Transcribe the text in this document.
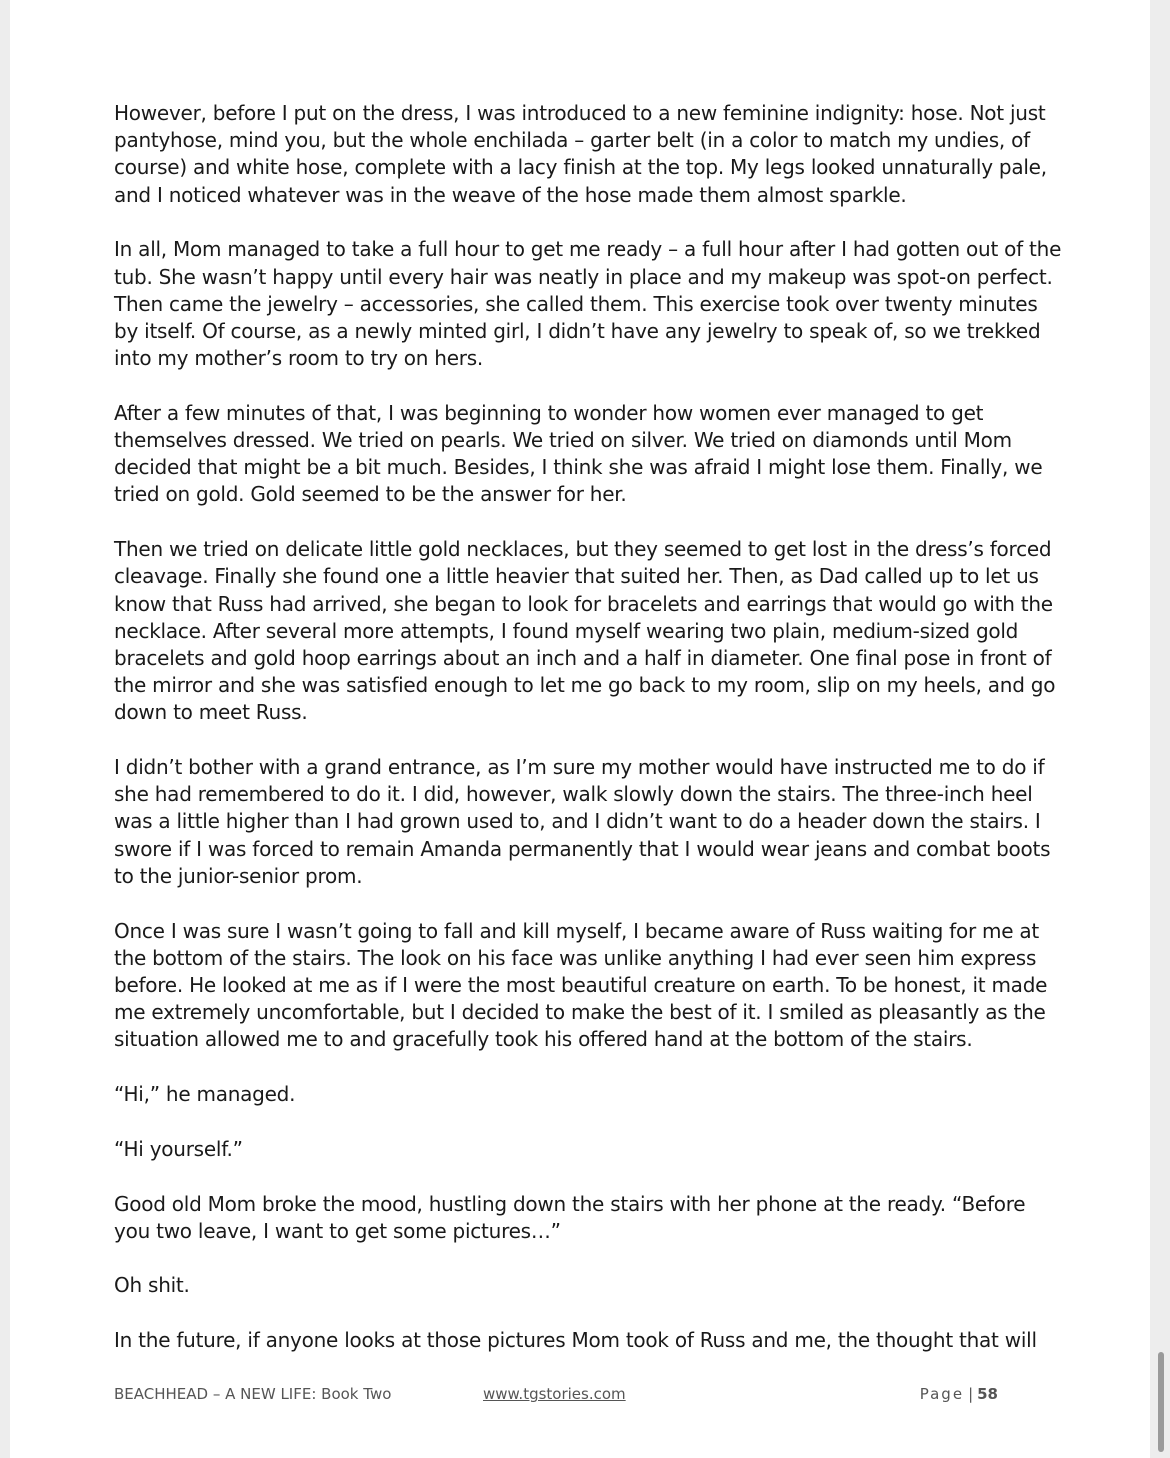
However, before I put on the dress, I was introduced to a new feminine indignity: hose. Not just pantyhose, mind you, but the whole enchilada – garter belt (in a color to match my undies, of course) and white hose, complete with a lacy finish at the top. My legs looked unnaturally pale, and I noticed whatever was in the weave of the hose made them almost sparkle.

In all, Mom managed to take a full hour to get me ready – a full hour after I had gotten out of the tub. She wasn’t happy until every hair was neatly in place and my makeup was spot-on perfect. Then came the jewelry – accessories, she called them. This exercise took over twenty minutes by itself. Of course, as a newly minted girl, I didn’t have any jewelry to speak of, so we trekked into my mother’s room to try on hers.

After a few minutes of that, I was beginning to wonder how women ever managed to get themselves dressed. We tried on pearls. We tried on silver. We tried on diamonds until Mom decided that might be a bit much. Besides, I think she was afraid I might lose them. Finally, we tried on gold. Gold seemed to be the answer for her.

Then we tried on delicate little gold necklaces, but they seemed to get lost in the dress’s forced cleavage. Finally she found one a little heavier that suited her. Then, as Dad called up to let us know that Russ had arrived, she began to look for bracelets and earrings that would go with the necklace. After several more attempts, I found myself wearing two plain, medium-sized gold bracelets and gold hoop earrings about an inch and a half in diameter. One final pose in front of the mirror and she was satisfied enough to let me go back to my room, slip on my heels, and go down to meet Russ.

I didn’t bother with a grand entrance, as I’m sure my mother would have instructed me to do if she had remembered to do it. I did, however, walk slowly down the stairs. The three-inch heel was a little higher than I had grown used to, and I didn’t want to do a header down the stairs. I swore if I was forced to remain Amanda permanently that I would wear jeans and combat boots to the junior-senior prom.

Once I was sure I wasn’t going to fall and kill myself, I became aware of Russ waiting for me at the bottom of the stairs. The look on his face was unlike anything I had ever seen him express before. He looked at me as if I were the most beautiful creature on earth. To be honest, it made me extremely uncomfortable, but I decided to make the best of it. I smiled as pleasantly as the situation allowed me to and gracefully took his offered hand at the bottom of the stairs.

“Hi,” he managed.

“Hi yourself.”

Good old Mom broke the mood, hustling down the stairs with her phone at the ready. “Before you two leave, I want to get some pictures…”

Oh shit.

In the future, if anyone looks at those pictures Mom took of Russ and me, the thought that will

BEACHHEAD – A NEW LIFE: Book Two	www.tgstories.com	Page | 58
